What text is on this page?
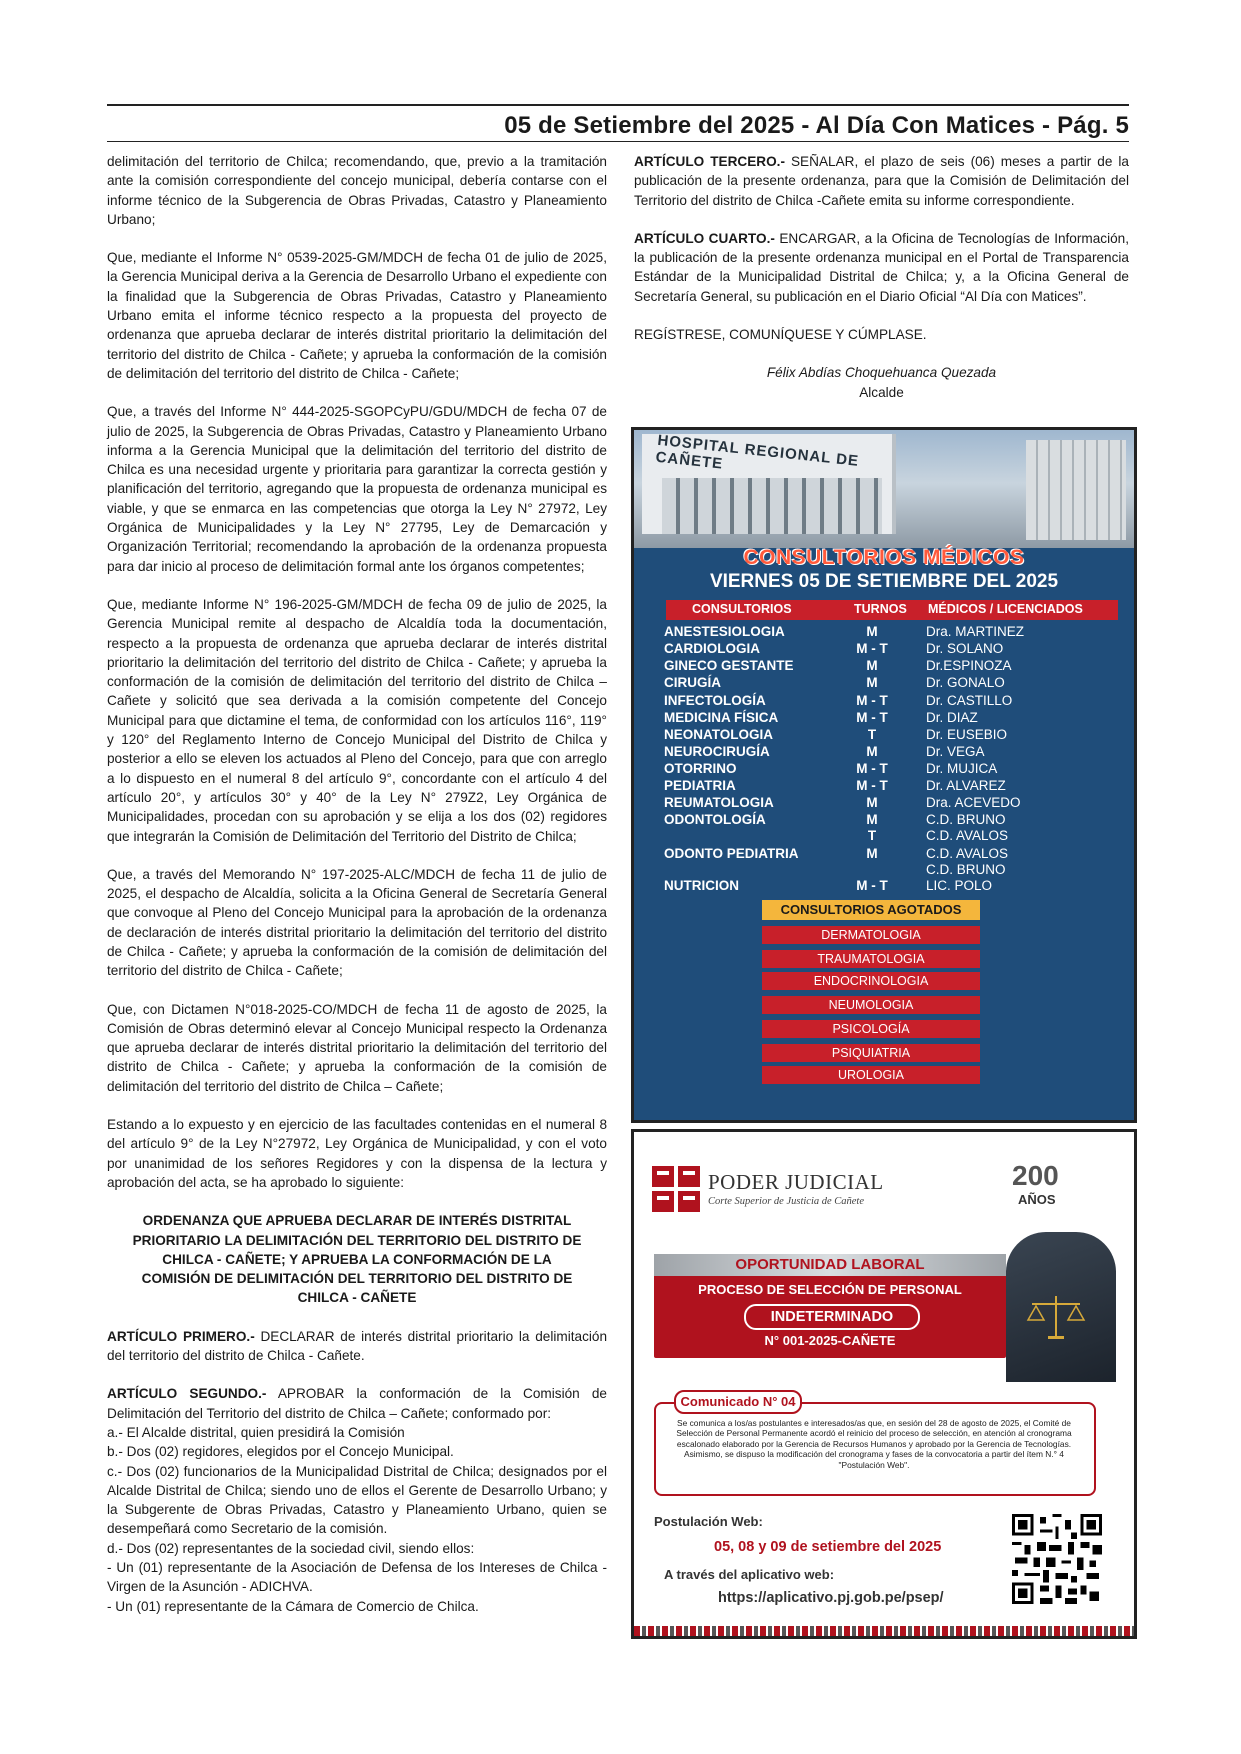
05 de Setiembre del 2025 - Al Día Con Matices - Pág. 5

delimitación del territorio de Chilca; recomendando, que, previo a la tramitación ante la comisión correspondiente del concejo municipal, debería contarse con el informe técnico de la Subgerencia de Obras Privadas, Catastro y Planeamiento Urbano;

Que, mediante el Informe N° 0539-2025-GM/MDCH de fecha 01 de julio de 2025, la Gerencia Municipal deriva a la Gerencia de Desarrollo Urbano el expediente con la finalidad que la Subgerencia de Obras Privadas, Catastro y Planeamiento Urbano emita el informe técnico respecto a la propuesta del proyecto de ordenanza que aprueba declarar de interés distrital prioritario la delimitación del territorio del distrito de Chilca - Cañete; y aprueba la conformación de la comisión de delimitación del territorio del distrito de Chilca - Cañete;

Que, a través del Informe N° 444-2025-SGOPCyPU/GDU/MDCH de fecha 07 de julio de 2025, la Subgerencia de Obras Privadas, Catastro y Planeamiento Urbano informa a la Gerencia Municipal que la delimitación del territorio del distrito de Chilca es una necesidad urgente y prioritaria para garantizar la correcta gestión y planificación del territorio, agregando que la propuesta de ordenanza municipal es viable, y que se enmarca en las competencias que otorga la Ley N° 27972, Ley Orgánica de Municipalidades y la Ley N° 27795, Ley de Demarcación y Organización Territorial; recomendando la aprobación de la ordenanza propuesta para dar inicio al proceso de delimitación formal ante los órganos competentes;

Que, mediante Informe N° 196-2025-GM/MDCH de fecha 09 de julio de 2025, la Gerencia Municipal remite al despacho de Alcaldía toda la documentación, respecto a la propuesta de ordenanza que aprueba declarar de interés distrital prioritario la delimitación del territorio del distrito de Chilca - Cañete; y aprueba la conformación de la comisión de delimitación del territorio del distrito de Chilca – Cañete y solicitó que sea derivada a la comisión competente del Concejo Municipal para que dictamine el tema, de conformidad con los artículos 116°, 119° y 120° del Reglamento Interno de Concejo Municipal del Distrito de Chilca y posterior a ello se eleven los actuados al Pleno del Concejo, para que con arreglo a lo dispuesto en el numeral 8 del artículo 9°, concordante con el artículo 4 del artículo 20°, y artículos 30° y 40° de la Ley N° 279Z2, Ley Orgánica de Municipalidades, procedan con su aprobación y se elija a los dos (02) regidores que integrarán la Comisión de Delimitación del Territorio del Distrito de Chilca;

Que, a través del Memorando N° 197-2025-ALC/MDCH de fecha 11 de julio de 2025, el despacho de Alcaldía, solicita a la Oficina General de Secretaría General que convoque al Pleno del Concejo Municipal para la aprobación de la ordenanza de declaración de interés distrital prioritario la delimitación del territorio del distrito de Chilca - Cañete; y aprueba la conformación de la comisión de delimitación del territorio del distrito de Chilca - Cañete;

Que, con Dictamen N°018-2025-CO/MDCH de fecha 11 de agosto de 2025, la Comisión de Obras determinó elevar al Concejo Municipal respecto la Ordenanza que aprueba declarar de interés distrital prioritario la delimitación del territorio del distrito de Chilca - Cañete; y aprueba la conformación de la comisión de delimitación del territorio del distrito de Chilca – Cañete;

Estando a lo expuesto y en ejercicio de las facultades contenidas en el numeral 8 del artículo 9° de la Ley N°27972, Ley Orgánica de Municipalidad, y con el voto por unanimidad de los señores Regidores y con la dispensa de la lectura y aprobación del acta, se ha aprobado lo siguiente:

ORDENANZA QUE APRUEBA DECLARAR DE INTERÉS DISTRITAL PRIORITARIO LA DELIMITACIÓN DEL TERRITORIO DEL DISTRITO DE CHILCA - CAÑETE; Y APRUEBA LA CONFORMACIÓN DE LA COMISIÓN DE DELIMITACIÓN DEL TERRITORIO DEL DISTRITO DE CHILCA - CAÑETE

ARTÍCULO PRIMERO.- DECLARAR de interés distrital prioritario la delimitación del territorio del distrito de Chilca - Cañete.

ARTÍCULO SEGUNDO.- APROBAR la conformación de la Comisión de Delimitación del Territorio del distrito de Chilca – Cañete; conformado por:

a.- El Alcalde distrital, quien presidirá la Comisión

b.- Dos (02) regidores, elegidos por el Concejo Municipal.

c.- Dos (02) funcionarios de la Municipalidad Distrital de Chilca; designados por el Alcalde Distrital de Chilca; siendo uno de ellos el Gerente de Desarrollo Urbano; y la Subgerente de Obras Privadas, Catastro y Planeamiento Urbano, quien se desempeñará como Secretario de la comisión.

d.- Dos (02) representantes de la sociedad civil, siendo ellos:

- Un (01) representante de la Asociación de Defensa de los Intereses de Chilca - Virgen de la Asunción - ADICHVA.

- Un (01) representante de la Cámara de Comercio de Chilca.

ARTÍCULO TERCERO.- SEÑALAR, el plazo de seis (06) meses a partir de la publicación de la presente ordenanza, para que la Comisión de Delimitación del Territorio del distrito de Chilca -Cañete emita su informe correspondiente.

ARTÍCULO CUARTO.- ENCARGAR, a la Oficina de Tecnologías de Información, la publicación de la presente ordenanza municipal en el Portal de Transparencia Estándar de la Municipalidad Distrital de Chilca; y, a la Oficina General de Secretaría General, su publicación en el Diario Oficial “Al Día con Matices”.

REGÍSTRESE, COMUNÍQUESE Y CÚMPLASE.

Félix Abdías Choquehuanca Quezada

Alcalde

HOSPITAL REGIONAL DE CAÑETE
CONSULTORIOS MÉDICOS
VIERNES 05 DE SETIEMBRE DEL 2025
CONSULTORIOS	TURNOS MÉDICOS / LICENCIADOS
ANESTESIOLOGIA	M	Dra. MARTINEZ
CARDIOLOGIA	M - T	Dr. SOLANO
GINECO GESTANTE	M	Dr.ESPINOZA
CIRUGÍA	M	Dr. GONALO
INFECTOLOGÍA	M - T	Dr. CASTILLO
MEDICINA FÍSICA	M - T	Dr. DIAZ
NEONATOLOGIA	T	Dr. EUSEBIO
NEUROCIRUGÍA	M	Dr. VEGA
OTORRINO	M - T	Dr. MUJICA
PEDIATRIA	M - T	Dr. ALVAREZ
REUMATOLOGIA	M	Dra. ACEVEDO
ODONTOLOGÍA	M	C.D. BRUNO
T	C.D. AVALOS
ODONTO PEDIATRIA	M	C.D. AVALOS
C.D. BRUNO
NUTRICION	M - T	LIC. POLO
CONSULTORIOS AGOTADOS
DERMATOLOGIA
TRAUMATOLOGIA
ENDOCRINOLOGIA
NEUMOLOGIA
PSICOLOGÍA
PSIQUIATRIA
UROLOGIA
PODER JUDICIAL
Corte Superior de Justicia de Cañete
200
AÑOS
OPORTUNIDAD LABORAL
PROCESO DE SELECCIÓN DE PERSONAL
INDETERMINADO
N° 001-2025-CAÑETE
Comunicado N° 04
Se comunica a los/as postulantes e interesados/as que, en sesión del 28 de agosto de 2025, el Comité de Selección de Personal Permanente acordó el reinicio del proceso de selección, en atención al cronograma escalonado elaborado por la Gerencia de Recursos Humanos y aprobado por la Gerencia de Tecnologías. Asimismo, se dispuso la modificación del cronograma y fases de la convocatoria a partir del ítem N.° 4 "Postulación Web".
Postulación Web:
05, 08 y 09 de setiembre del 2025
A través del aplicativo web:
https://aplicativo.pj.gob.pe/psep/
